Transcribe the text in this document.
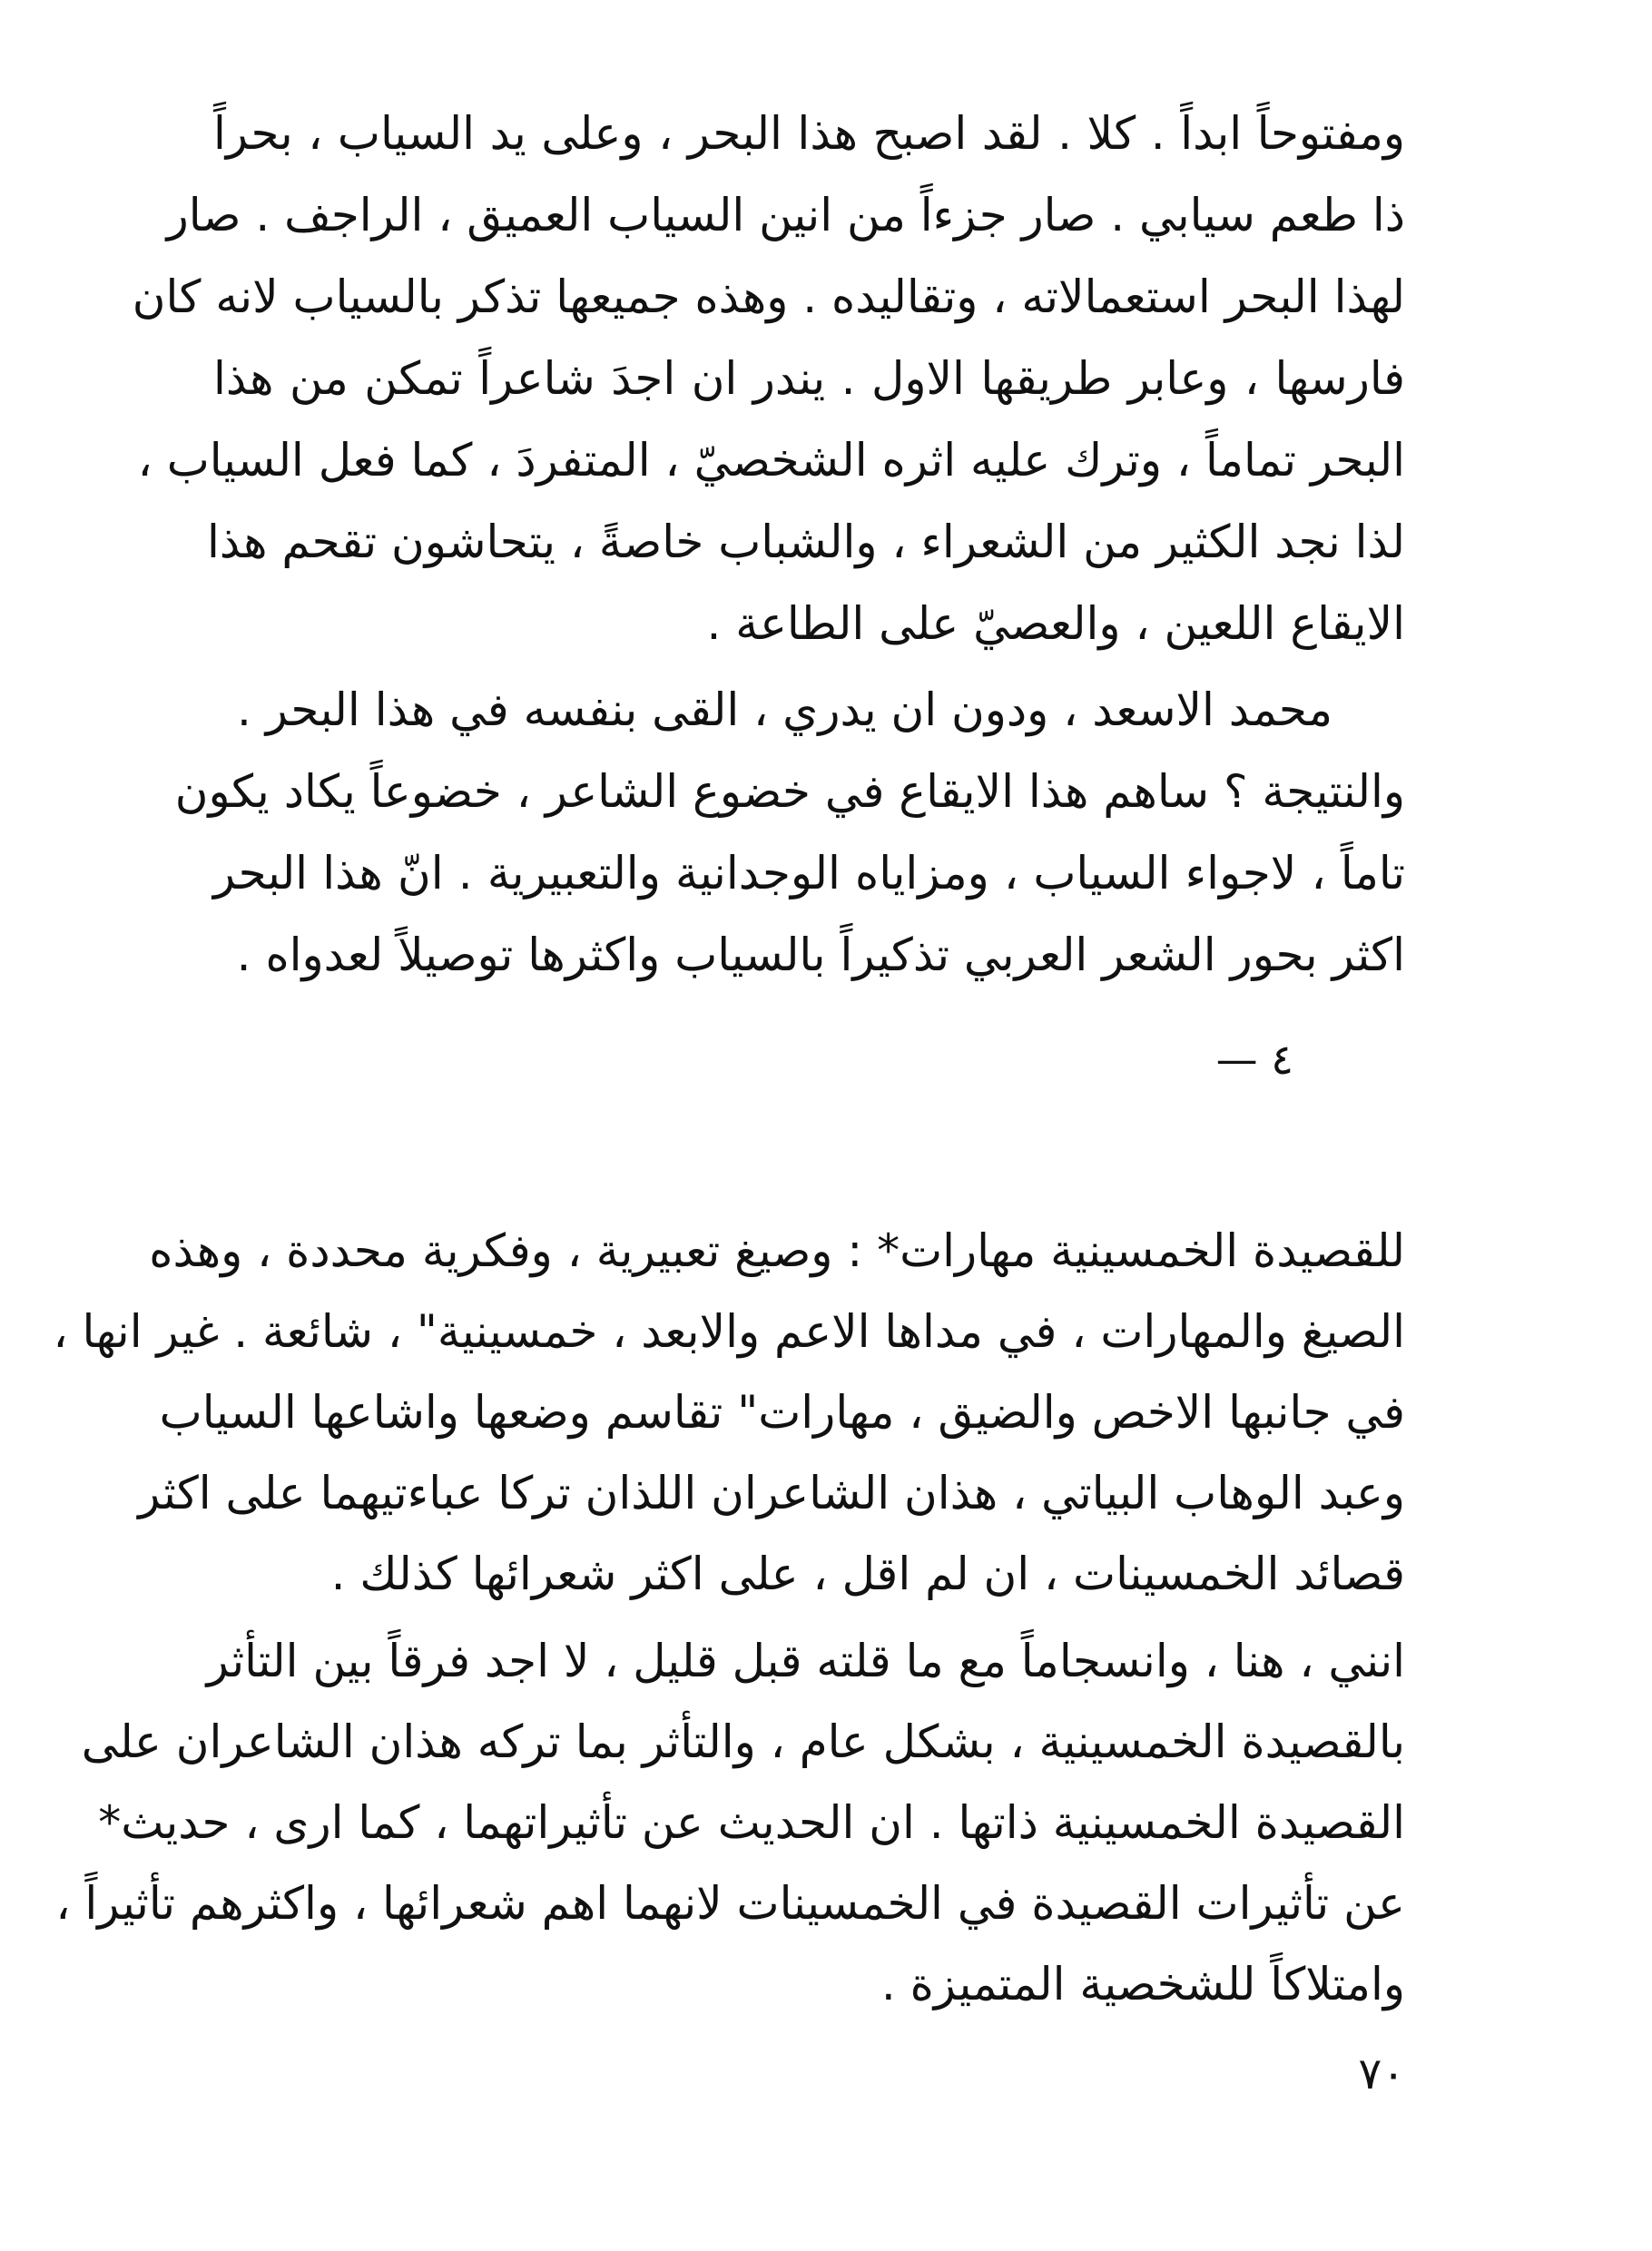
ومفتوحاً ابداً . كلا . لقد اصبح هذا البحر ، وعلى يد السياب ، بحراً
ذا طعم سيابي . صار جزءاً من انين السياب العميق ، الراجف . صار
لهذا البحر استعمالاته ، وتقاليده . وهذه جميعها تذكر بالسياب لانه كان
فارسها ، وعابر طريقها الاول . يندر ان اجدَ شاعراً تمكن من هذا
البحر تماماً ، وترك عليه اثره الشخصيّ ، المتفردَ ، كما فعل السياب ،
لذا نجد الكثير من الشعراء ، والشباب خاصةً ، يتحاشون تقحم هذا
الايقاع اللعين ، والعصيّ على الطاعة .
محمد الاسعد ، ودون ان يدري ، القى بنفسه في هذا البحر .
والنتيجة ؟ ساهم هذا الايقاع في خضوع الشاعر ، خضوعاً يكاد يكون
تاماً ، لاجواء السياب ، ومزاياه الوجدانية والتعبيرية . انّ هذا البحر
اكثر بحور الشعر العربي تذكيراً بالسياب واكثرها توصيلاً لعدواه .
٤ —
للقصيدة الخمسينية مهارات* : وصيغ تعبيرية ، وفكرية محددة ، وهذه
الصيغ والمهارات ، في مداها الاعم والابعد ، خمسينية" ، شائعة . غير انها ،
في جانبها الاخص والضيق ، مهارات" تقاسم وضعها واشاعها السياب
وعبد الوهاب البياتي ، هذان الشاعران اللذان تركا عباءتيهما على اكثر
قصائد الخمسينات ، ان لم اقل ، على اكثر شعرائها كذلك .
انني ، هنا ، وانسجاماً مع ما قلته قبل قليل ، لا اجد فرقاً بين التأثر
بالقصيدة الخمسينية ، بشكل عام ، والتأثر بما تركه هذان الشاعران على
القصيدة الخمسينية ذاتها . ان الحديث عن تأثيراتهما ، كما ارى ، حديث*
عن تأثيرات القصيدة في الخمسينات لانهما اهم شعرائها ، واكثرهم تأثيراً ،
وامتلاكاً للشخصية المتميزة .
٧٠
